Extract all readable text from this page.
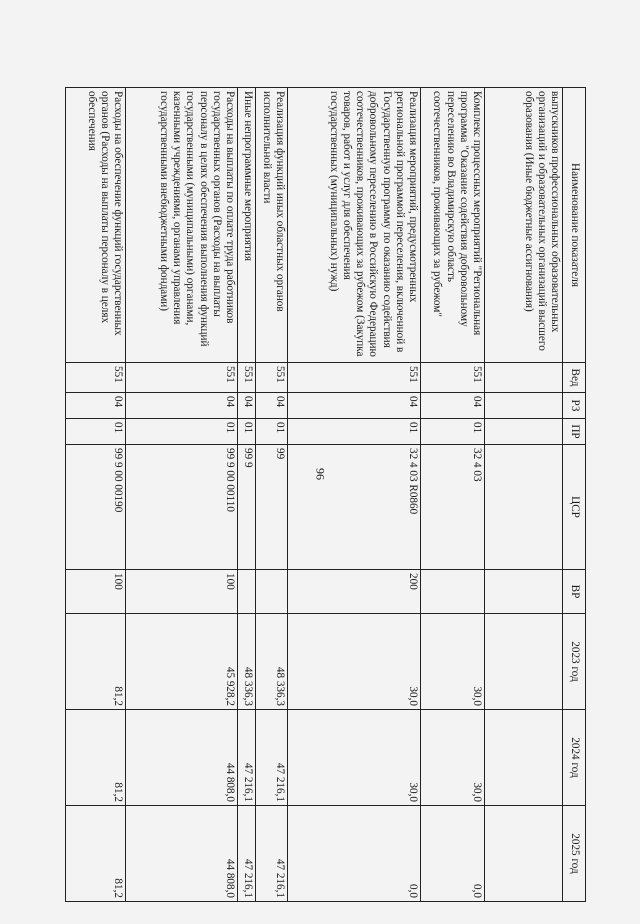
96
Наименование показателя	Вед	РЗ	ПР	ЦСР	ВР	2023 год	2024 год	2025 год
выпускников профессиональных образовательных организаций и образовательных организаций высшего образования (Иные бюджетные ассигнования)								
Комплекс процессных мероприятий "Региональная программа "Оказание содействия добровольному переселению во Владимирскую область соотечественников, проживающих за рубежом"	551	04	01	32 4 03		30,0	30,0	0,0
Реализация мероприятий, предусмотренных региональной программой переселения, включенной в Государственную программу по оказанию содействия добровольному переселению в Российскую Федерацию соотечественников, проживающих за рубежом (Закупка товаров, работ и услуг для обеспечения государственных (муниципальных) нужд)	551	04	01	32 4 03 R0860	200	30,0	30,0	0,0
Реализация функций иных областных органов исполнительной власти	551	04	01	99		48 336,3	47 216,1	47 216,1
Иные непрограммные мероприятия	551	04	01	99 9		48 336,3	47 216,1	47 216,1
Расходы на выплаты по оплате труда работников государственных органов (Расходы на выплаты персоналу в целях обеспечения выполнения функций государственными (муниципальными) органами, казенными учреждениями, органами управления государственными внебюджетными фондами)	551	04	01	99 9 00 00110	100	45 928,2	44 808,0	44 808,0
Расходы на обеспечение функций государственных органов (Расходы на выплаты персоналу в целях обеспечения	551	04	01	99 9 00 00190	100	81,2	81,2	81,2
